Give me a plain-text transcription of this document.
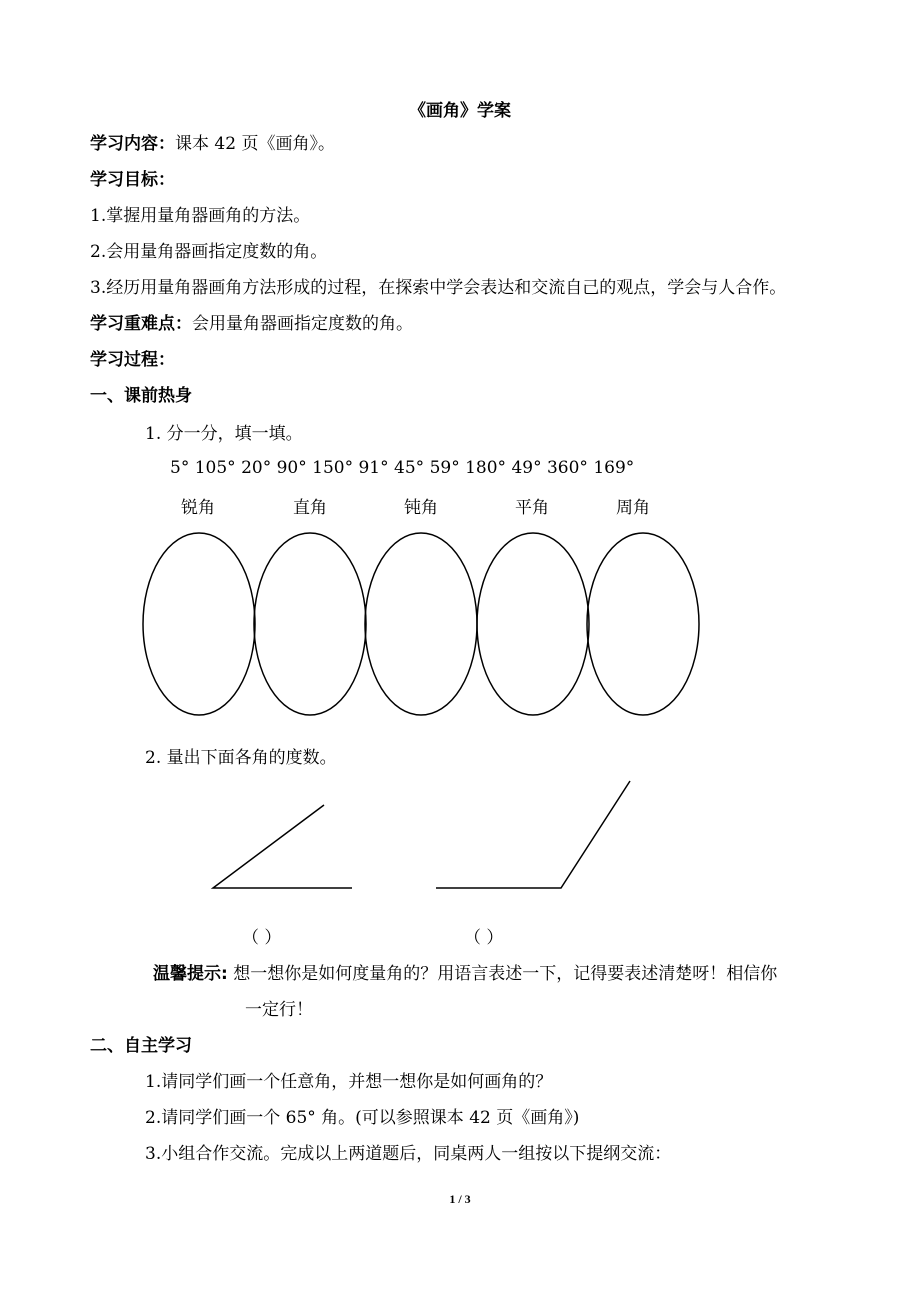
《画角》学案
学习内容：课本 42 页《画角》。
学习目标：
1.掌握用量角器画角的方法。
2.会用量角器画指定度数的角。
3.经历用量角器画角方法形成的过程，在探索中学会表达和交流自己的观点，学会与人合作。
学习重难点：会用量角器画指定度数的角。
学习过程：
一、课前热身
1. 分一分，填一填。
5° 105° 20° 90° 150° 91° 45° 59° 180° 49° 360° 169°
锐角	直角	钝角	平角	周角
2. 量出下面各角的度数。
（ ）	（ ）
温馨提示: 想一想你是如何度量角的？用语言表述一下，记得要表述清楚呀！相信你
一定行！
二、自主学习
1.请同学们画一个任意角，并想一想你是如何画角的？
2.请同学们画一个 65° 角。(可以参照课本 42 页《画角》)
3.小组合作交流。完成以上两道题后，同桌两人一组按以下提纲交流：
1 / 3
